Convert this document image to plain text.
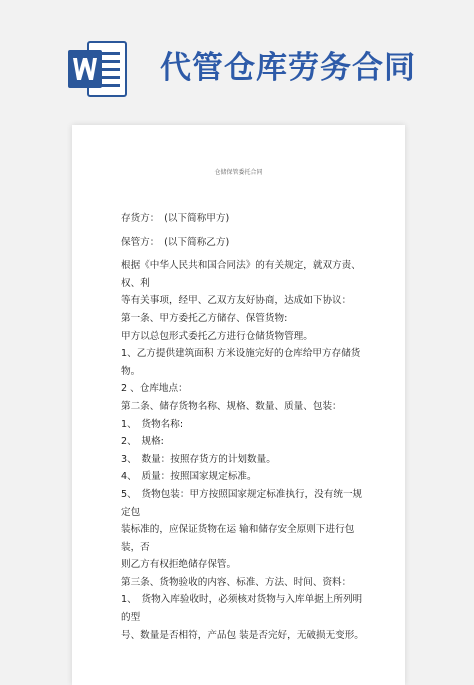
代管仓库劳务合同
仓储保管委托合同

存货方：　(以下简称甲方)

保管方：　(以下简称乙方)

根据《中华人民共和国合同法》的有关规定，就双方责、权、利

等有关事项，经甲、乙双方友好协商，达成如下协议：

第一条、甲方委托乙方储存、保管货物:

甲方以总包形式委托乙方进行仓储货物管理。

1、乙方提供建筑面积 方米设施完好的仓库给甲方存储货物。

2 、仓库地点：

第二条、储存货物名称、规格、数量、质量、包装：

1、　货物名称:

2、　规格:

3、　数量：按照存货方的计划数量。

4、　质量：按照国家规定标准。

5、　货物包装：甲方按照国家规定标准执行，没有统一规定包

装标准的，应保证货物在运 输和储存安全原则下进行包装，否

则乙方有权拒绝储存保管。

第三条、货物验收的内容、标准、方法、时间、资料：

1、　货物入库验收时，必须核对货物与入库单据上所列明的型

号、数量是否相符，产品包 装是否完好，无破损无变形。
